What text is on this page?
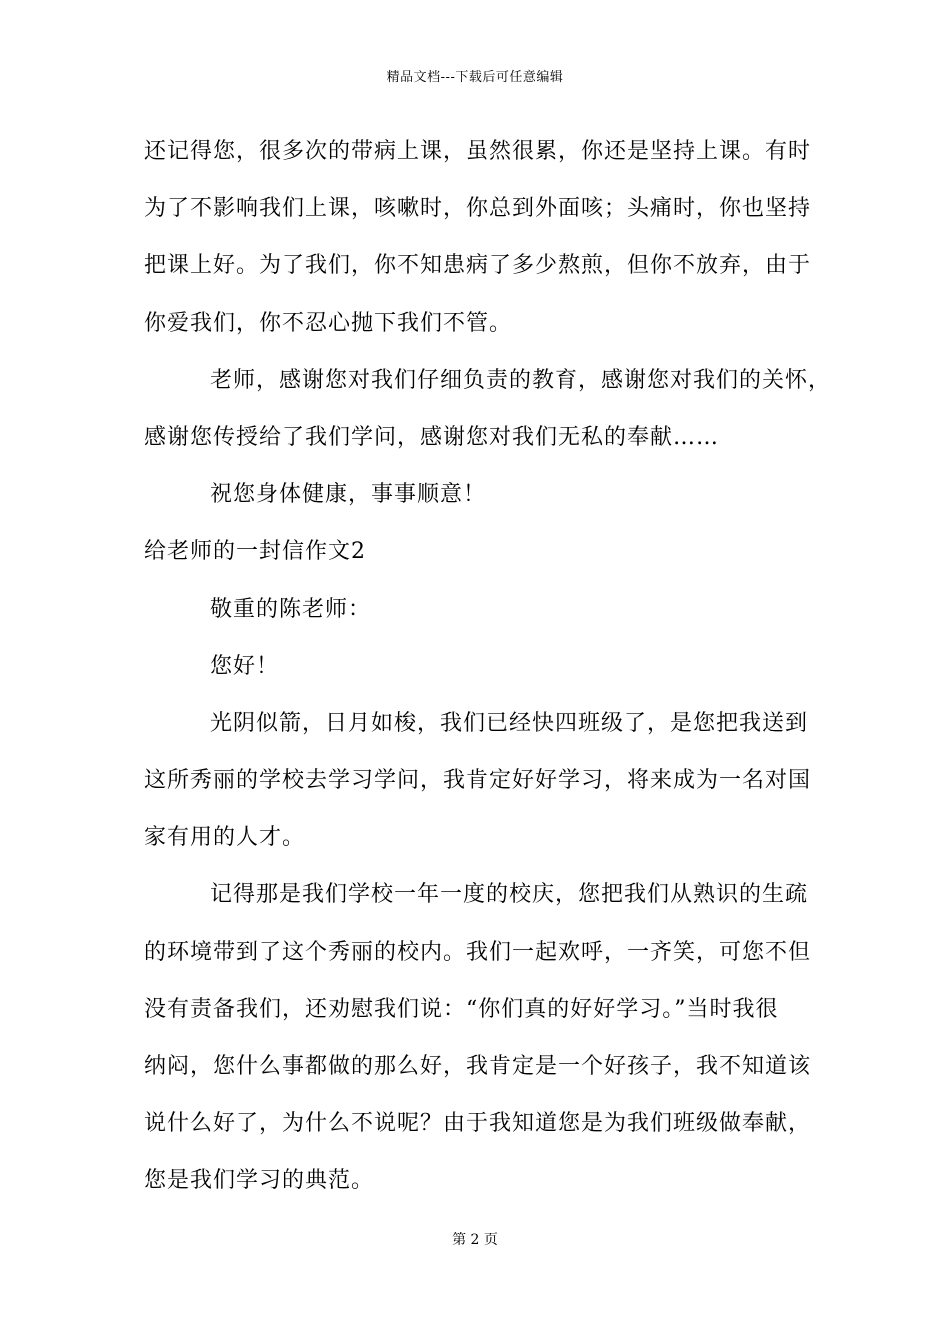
精品文档---下载后可任意编辑
还记得您，很多次的带病上课，虽然很累，你还是坚持上课。有时
为了不影响我们上课，咳嗽时，你总到外面咳；头痛时，你也坚持
把课上好。为了我们，你不知患病了多少熬煎，但你不放弃，由于
你爱我们，你不忍心抛下我们不管。
老师，感谢您对我们仔细负责的教育，感谢您对我们的关怀，
感谢您传授给了我们学问，感谢您对我们无私的奉献……
祝您身体健康，事事顺意！
给老师的一封信作文2
敬重的陈老师：
您好！
光阴似箭，日月如梭，我们已经快四班级了，是您把我送到
这所秀丽的学校去学习学问，我肯定好好学习，将来成为一名对国
家有用的人才。
记得那是我们学校一年一度的校庆，您把我们从熟识的生疏
的环境带到了这个秀丽的校内。我们一起欢呼，一齐笑，可您不但
没有责备我们，还劝慰我们说：“你们真的好好学习。”当时我很
纳闷，您什么事都做的那么好，我肯定是一个好孩子，我不知道该
说什么好了，为什么不说呢？由于我知道您是为我们班级做奉献，
您是我们学习的典范。
第 2 页
